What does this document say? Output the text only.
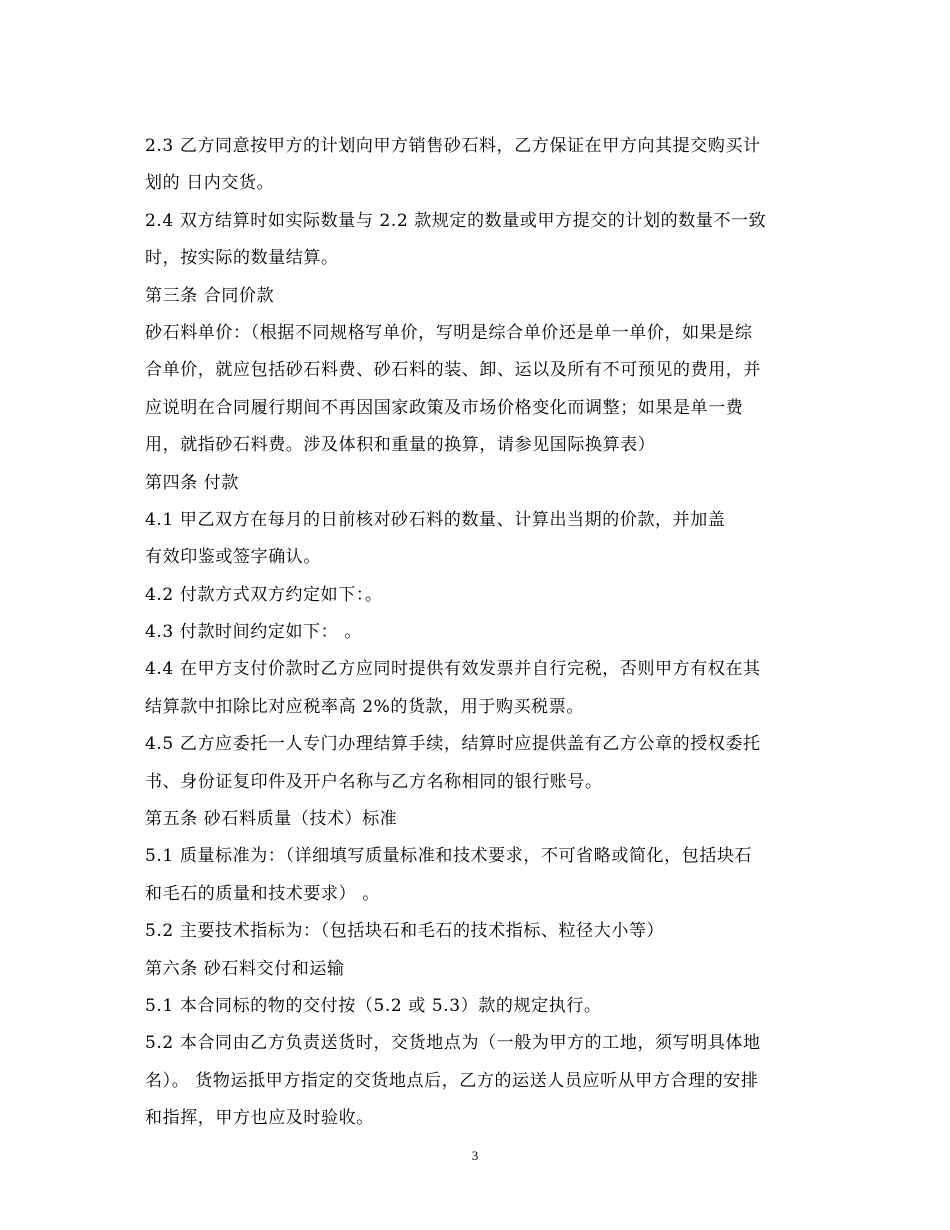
2.3 乙方同意按甲方的计划向甲方销售砂石料，乙方保证在甲方向其提交购买计
划的 日内交货。
2.4 双方结算时如实际数量与 2.2 款规定的数量或甲方提交的计划的数量不一致
时，按实际的数量结算。
第三条 合同价款
砂石料单价：（根据不同规格写单价，写明是综合单价还是单一单价，如果是综
合单价，就应包括砂石料费、砂石料的装、卸、运以及所有不可预见的费用，并
应说明在合同履行期间不再因国家政策及市场价格变化而调整；如果是单一费
用，就指砂石料费。涉及体积和重量的换算，请参见国际换算表）
第四条 付款
4.1 甲乙双方在每月的日前核对砂石料的数量、计算出当期的价款，并加盖
有效印鉴或签字确认。
4.2 付款方式双方约定如下：。
4.3 付款时间约定如下： 。
4.4 在甲方支付价款时乙方应同时提供有效发票并自行完税，否则甲方有权在其
结算款中扣除比对应税率高 2%的货款，用于购买税票。
4.5 乙方应委托一人专门办理结算手续，结算时应提供盖有乙方公章的授权委托
书、身份证复印件及开户名称与乙方名称相同的银行账号。
第五条 砂石料质量（技术）标准
5.1 质量标准为：（详细填写质量标准和技术要求，不可省略或简化，包括块石
和毛石的质量和技术要求） 。
5.2 主要技术指标为：（包括块石和毛石的技术指标、粒径大小等）
第六条 砂石料交付和运输
5.1 本合同标的物的交付按（5.2 或 5.3）款的规定执行。
5.2 本合同由乙方负责送货时，交货地点为（一般为甲方的工地，须写明具体地
名）。 货物运抵甲方指定的交货地点后，乙方的运送人员应听从甲方合理的安排
和指挥，甲方也应及时验收。
3
